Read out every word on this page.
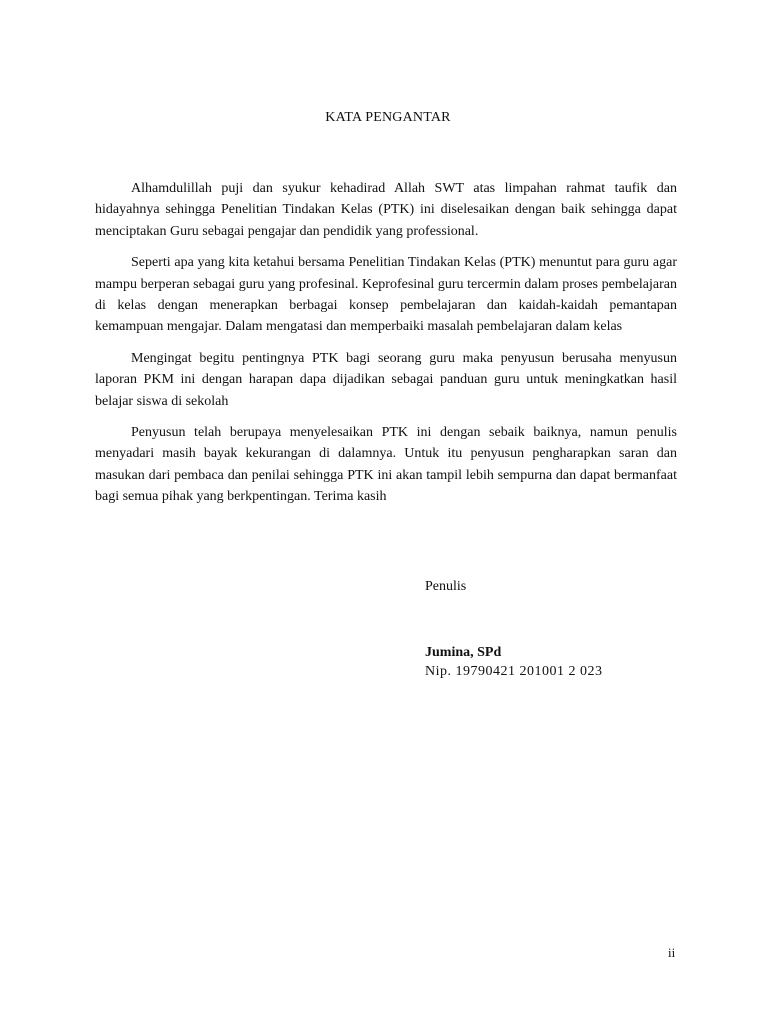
KATA PENGANTAR

Alhamdulillah puji dan syukur kehadirad Allah SWT atas limpahan rahmat taufik dan hidayahnya sehingga Penelitian Tindakan Kelas (PTK) ini diselesaikan dengan baik sehingga dapat menciptakan Guru sebagai pengajar dan pendidik yang professional.

Seperti apa yang kita ketahui bersama Penelitian Tindakan Kelas (PTK) menuntut para guru agar mampu berperan sebagai guru yang profesinal. Keprofesinal guru tercermin dalam proses pembelajaran di kelas dengan menerapkan berbagai konsep pembelajaran dan kaidah-kaidah pemantapan kemampuan mengajar. Dalam mengatasi dan memperbaiki masalah pembelajaran dalam kelas

Mengingat begitu pentingnya PTK bagi seorang guru maka penyusun berusaha menyusun laporan PKM ini dengan harapan dapa dijadikan sebagai panduan guru untuk meningkatkan hasil belajar siswa di sekolah

Penyusun telah berupaya menyelesaikan PTK ini dengan sebaik baiknya, namun penulis menyadari masih bayak kekurangan di dalamnya. Untuk itu penyusun pengharapkan saran dan masukan dari pembaca dan penilai sehingga PTK ini akan tampil lebih sempurna dan dapat bermanfaat bagi semua pihak yang berkpentingan. Terima kasih

Penulis
Jumina, SPd
Nip. 19790421 201001 2 023
ii
